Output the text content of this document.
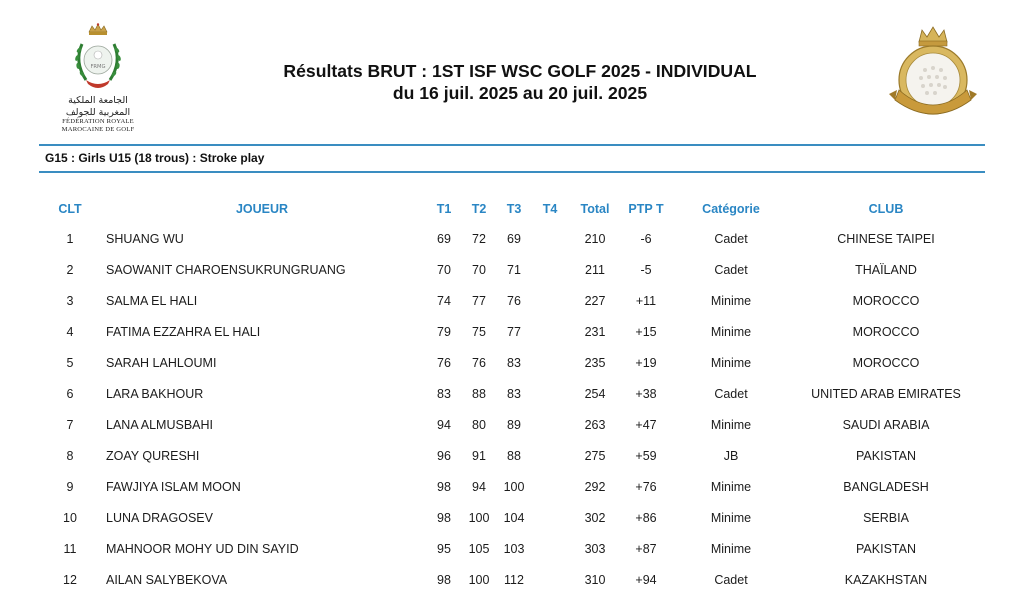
FRMG
الجامعة الملكية
المغربية للجولف
FÉDÉRATION ROYALE
MAROCAINE DE GOLF
Résultats BRUT : 1ST ISF WSC GOLF 2025 - INDIVIDUAL
du 16 juil. 2025 au 20 juil. 2025
G15 : Girls U15 (18 trous) : Stroke play
CLT	JOUEUR	T1 T2 T3 T4 Total PTP T	Catégorie	CLUB
1	SHUANG WU	69 72 69	210	-6	Cadet	CHINESE TAIPEI
2	SAOWANIT CHAROENSUKRUNGRUANG	70 70 71	211	-5	Cadet	THAÏLAND
3	SALMA EL HALI	74 77 76	227 +11	Minime	MOROCCO
4	FATIMA EZZAHRA EL HALI	79 75 77	231 +15	Minime	MOROCCO
5	SARAH LAHLOUMI	76 76 83	235 +19	Minime	MOROCCO
6	LARA BAKHOUR	83 88 83	254 +38	Cadet	UNITED ARAB EMIRATES
7	LANA ALMUSBAHI	94 80 89	263 +47	Minime	SAUDI ARABIA
8	ZOAY QURESHI	96 91 88	275 +59	JB	PAKISTAN
9	FAWJIYA ISLAM MOON	98 94 100	292 +76	Minime	BANGLADESH
10 LUNA DRAGOSEV	98 100 104	302 +86	Minime	SERBIA
11 MAHNOOR MOHY UD DIN SAYID	95 105 103	303 +87	Minime	PAKISTAN
12 AILAN SALYBEKOVA	98 100 112	310 +94	Cadet	KAZAKHSTAN
